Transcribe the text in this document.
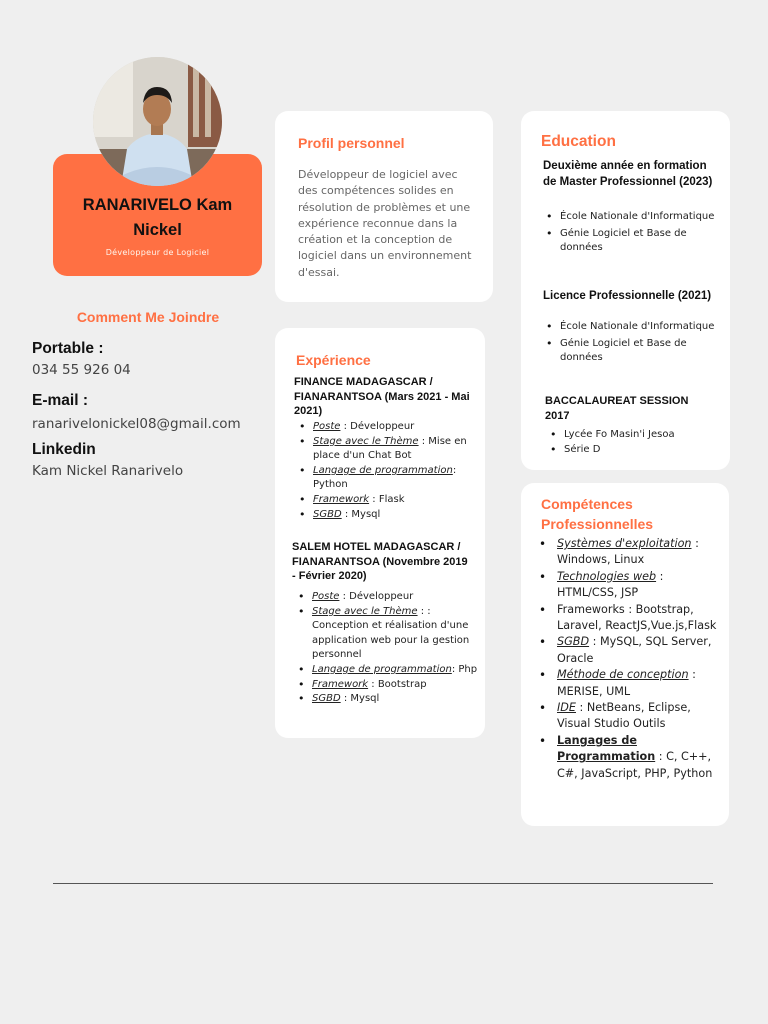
RANARIVELO Kam Nickel
Développeur de Logiciel
Comment Me Joindre
Portable :
034 55 926 04
E-mail :
ranarivelonickel08@gmail.com
Linkedin
Kam Nickel Ranarivelo
Profil personnel

Développeur de logiciel avec des compétences solides en résolution de problèmes et une expérience reconnue dans la création et la conception de logiciel dans un environnement d'essai.

Expérience
FINANCE MADAGASCAR / FIANARANTSOA (Mars 2021 - Mai 2021)
• Poste : Développeur
• Stage avec le Thème : Mise en place d'un Chat Bot
• Langage de programmation: Python
• Framework : Flask
• SGBD : Mysql
SALEM HOTEL MADAGASCAR / FIANARANTSOA (Novembre 2019 - Février 2020)
• Poste : Développeur
• Stage avec le Thème : : Conception et réalisation d'une application web pour la gestion personnel
• Langage de programmation: Php
• Framework : Bootstrap
• SGBD : Mysql
Education
Deuxième année en formation de Master Professionnel (2023)
• École Nationale d'Informatique
• Génie Logiciel et Base de données
Licence Professionnelle (2021)
• École Nationale d'Informatique
• Génie Logiciel et Base de données
BACCALAUREAT SESSION 2017
• Lycée Fo Masin'i Jesoa
• Série D
Compétences Professionnelles
• Systèmes d'exploitation : Windows, Linux
• Technologies web : HTML/CSS, JSP
• Frameworks : Bootstrap, Laravel, ReactJS,Vue.js,Flask
• SGBD : MySQL, SQL Server, Oracle
• Méthode de conception : MERISE, UML
• IDE : NetBeans, Eclipse, Visual Studio Outils
• Langages de Programmation : C, C++, C#, JavaScript, PHP, Python
